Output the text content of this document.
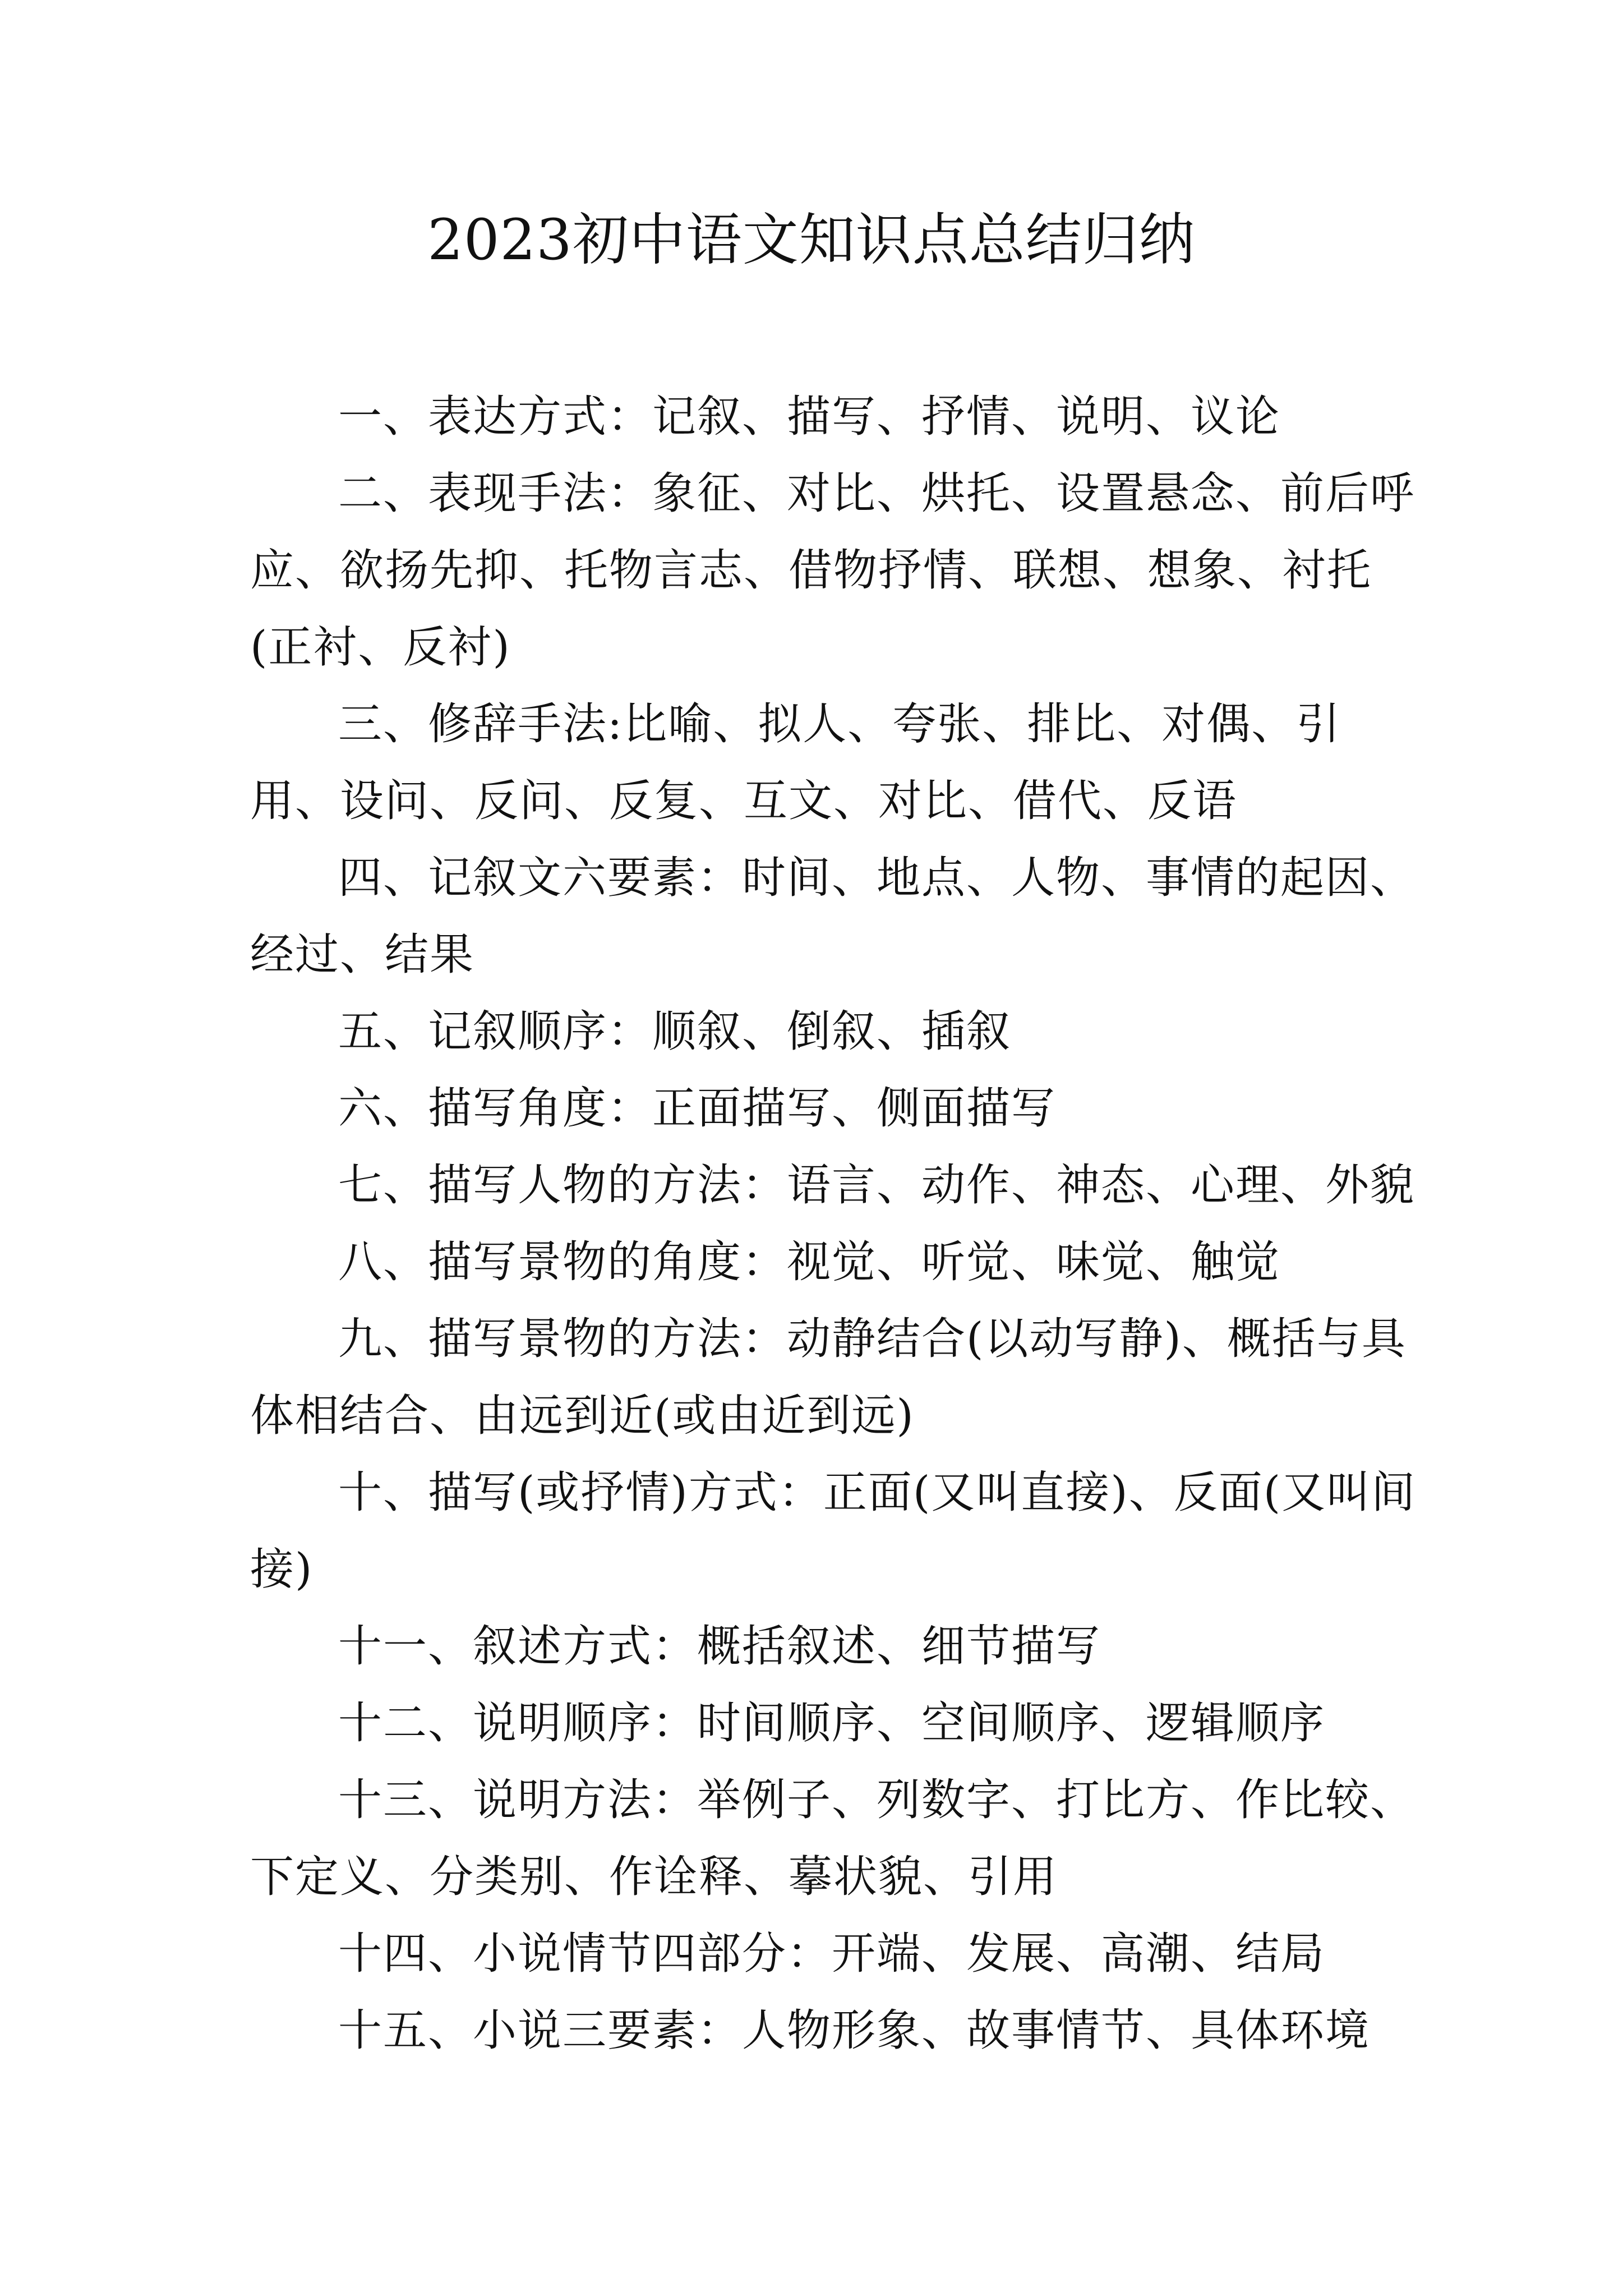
2023初中语文知识点总结归纳

一、表达方式：记叙、描写、抒情、说明、议论

二、表现手法：象征、对比、烘托、设置悬念、前后呼应、欲扬先抑、托物言志、借物抒情、联想、想象、衬托(正衬、反衬)

三、修辞手法:比喻、拟人、夸张、排比、对偶、引用、设问、反问、反复、互文、对比、借代、反语

四、记叙文六要素：时间、地点、人物、事情的起因、经过、结果

五、记叙顺序：顺叙、倒叙、插叙

六、描写角度：正面描写、侧面描写

七、描写人物的方法：语言、动作、神态、心理、外貌

八、描写景物的角度：视觉、听觉、味觉、触觉

九、描写景物的方法：动静结合(以动写静)、概括与具体相结合、由远到近(或由近到远)

十、描写(或抒情)方式：正面(又叫直接)、反面(又叫间接)

十一、叙述方式：概括叙述、细节描写

十二、说明顺序：时间顺序、空间顺序、逻辑顺序

十三、说明方法：举例子、列数字、打比方、作比较、下定义、分类别、作诠释、摹状貌、引用

十四、小说情节四部分：开端、发展、高潮、结局

十五、小说三要素：人物形象、故事情节、具体环境
